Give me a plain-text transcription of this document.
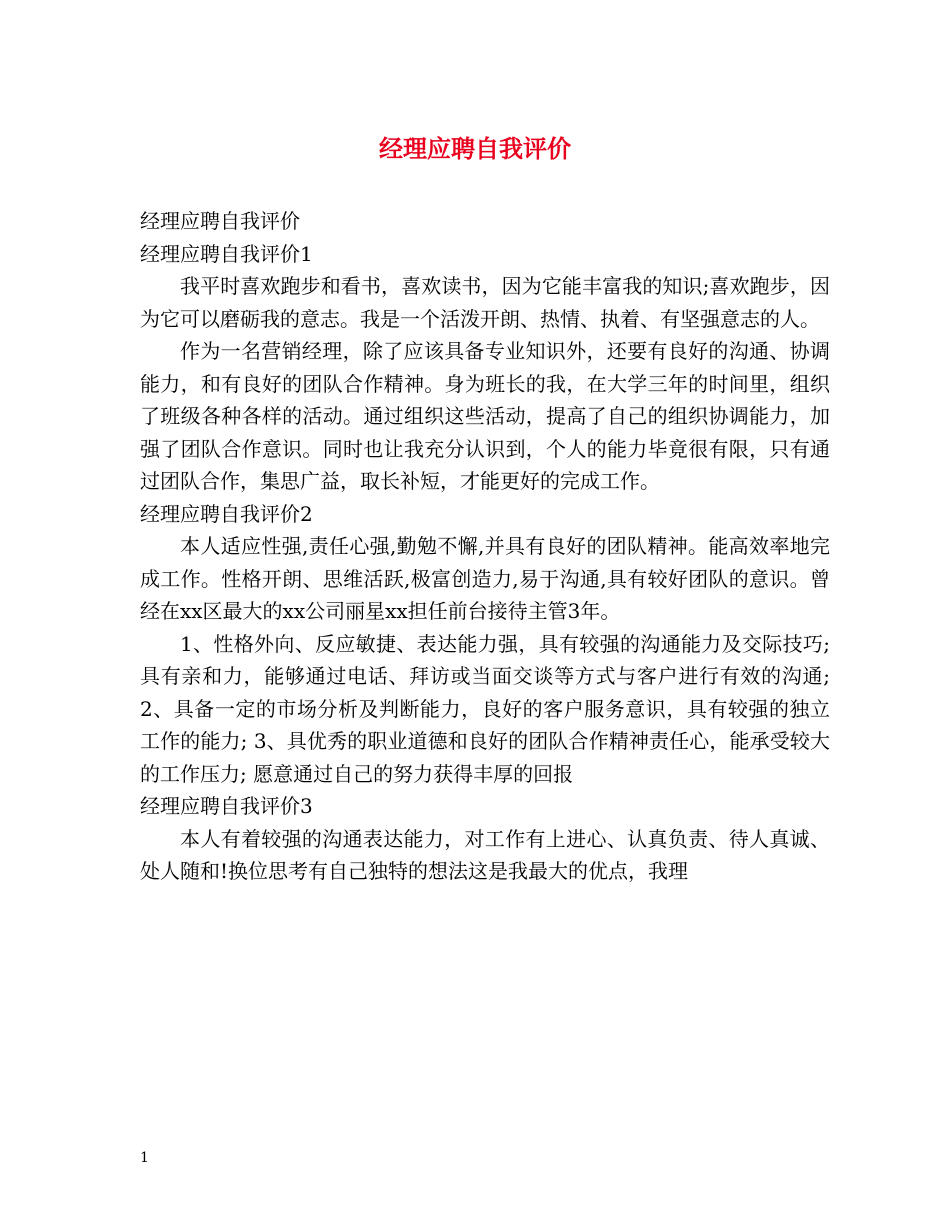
经理应聘自我评价

经理应聘自我评价

经理应聘自我评价1

我平时喜欢跑步和看书，喜欢读书，因为它能丰富我的知识;喜欢跑步，因为它可以磨砺我的意志。我是一个活泼开朗、热情、执着、有坚强意志的人。

作为一名营销经理，除了应该具备专业知识外，还要有良好的沟通、协调能力，和有良好的团队合作精神。身为班长的我，在大学三年的时间里，组织了班级各种各样的活动。通过组织这些活动，提高了自己的组织协调能力，加强了团队合作意识。同时也让我充分认识到，个人的能力毕竟很有限，只有通过团队合作，集思广益，取长补短，才能更好的完成工作。

经理应聘自我评价2

本人适应性强,责任心强,勤勉不懈,并具有良好的团队精神。能高效率地完成工作。性格开朗、思维活跃,极富创造力,易于沟通,具有较好团队的意识。曾经在xx区最大的xx公司丽星xx担任前台接待主管3年。

1、性格外向、反应敏捷、表达能力强，具有较强的沟通能力及交际技巧;具有亲和力，能够通过电话、拜访或当面交谈等方式与客户进行有效的沟通; 2、具备一定的市场分析及判断能力，良好的客户服务意识，具有较强的独立工作的能力; 3、具优秀的职业道德和良好的团队合作精神责任心，能承受较大的工作压力; 愿意通过自己的努力获得丰厚的回报

经理应聘自我评价3

本人有着较强的沟通表达能力，对工作有上进心、认真负责、待人真诚、处人随和!换位思考有自己独特的想法这是我最大的优点，我理

1
